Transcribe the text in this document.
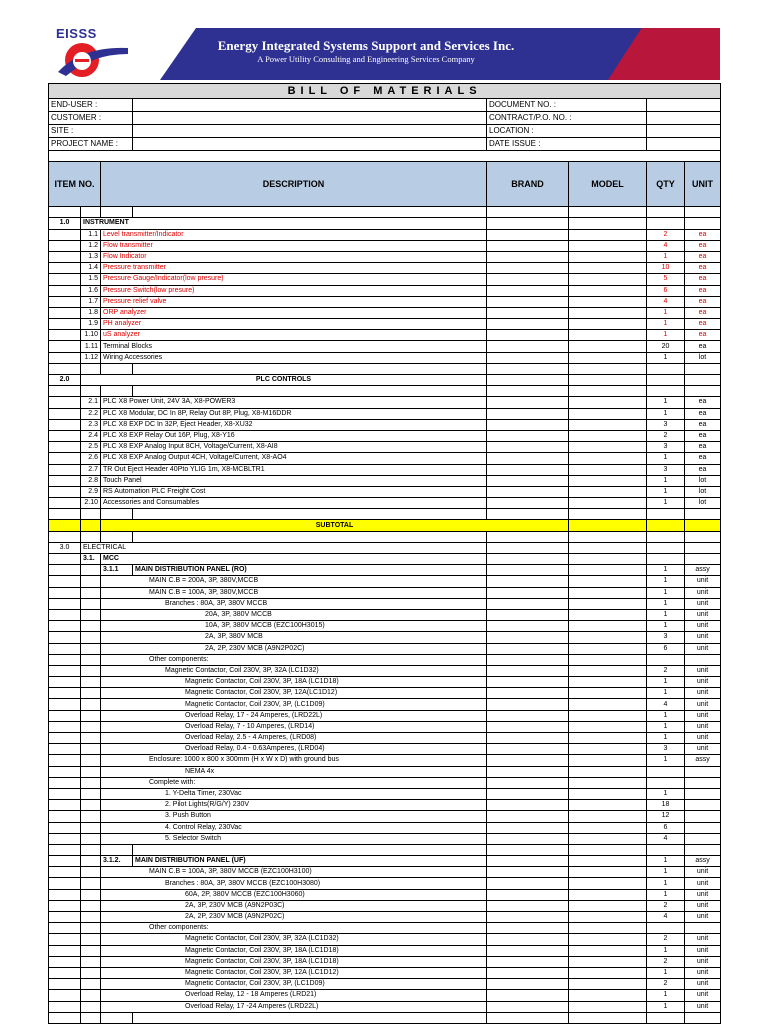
EISSS
Energy Integrated Systems Support and Services Inc.
A Power Utility Consulting and Engineering Services Company
BILL OF MATERIALS							
END-USER :				DOCUMENT NO. :			
CUSTOMER :				CONTRACT/P.O. NO. :			
SITE :				LOCATION :			
PROJECT NAME :				DATE ISSUE :			

ITEM NO.		DESCRIPTION		BRAND	MODEL	QTY	UNIT

1.0	INSTRUMENT						
	1.1	Level transmitter/Indicator				2	ea
	1.2	Flow transmitter				4	ea
	1.3	Flow Indicator				1	ea
	1.4	Pressure transmitter				10	ea
	1.5	Pressure Gauge/Indicator(low presure)				5	ea
	1.6	Pressure Switch(low presure)				6	ea
	1.7	Pressure relief valve				4	ea
	1.8	ORP analyzer				1	ea
	1.9	PH analyzer				1	ea
	1.10	uS analyzer				1	ea
	1.11	Terminal Blocks				20	ea
	1.12	Wiring Accessories				1	lot

2.0	PLC CONTROLS						

	2.1	PLC X8 Power Unit, 24V 3A, X8-POWER3				1	ea
	2.2	PLC X8 Modular, DC In 8P, Relay Out 8P, Plug, X8-M16DDR				1	ea
	2.3	PLC X8 EXP DC In 32P, Eject Header, X8-XU32				3	ea
	2.4	PLC X8 EXP Relay Out 16P, Plug, X8-Y16				2	ea
	2.5	PLC X8 EXP Analog Input 8CH, Voltage/Current, X8-AI8				3	ea
	2.6	PLC X8 EXP Analog Output 4CH, Voltage/Current, X8-AO4				1	ea
	2.7	TR Out Eject Header 40Pto YLIG 1m, X8-MCBLTR1				3	ea
	2.8	Touch Panel				1	lot
	2.9	RS Automation PLC Freight Cost				1	lot
	2.10	Accessories and Consumables				1	lot

		SUBTOTAL					

3.0	ELECTRICAL						
	3.1.	MCC					
		3.1.1	MAIN DISTRIBUTION PANEL (RO)			1	assy
		MAIN C.B = 200A, 3P, 380V,MCCB				1	unit
		MAIN C.B = 100A, 3P, 380V,MCCB				1	unit
		Branches : 80A, 3P, 380V MCCB				1	unit
		20A, 3P, 380V MCCB				1	unit
		10A, 3P, 380V MCCB (EZC100H3015)				1	unit
		2A, 3P, 380V MCB				3	unit
		2A, 2P, 230V MCB (A9N2P02C)				6	unit
		Other components:					
		Magnetic Contactor, Coil 230V, 3P, 32A (LC1D32)				2	unit
		Magnetic Contactor, Coil 230V, 3P, 18A (LC1D18)				1	unit
		Magnetic Contactor, Coil 230V, 3P, 12A(LC1D12)				1	unit
		Magnetic Contactor, Coil 230V, 3P, (LC1D09)				4	unit
		Overload Relay, 17 - 24 Amperes, (LRD22L)				1	unit
		Overload Relay, 7 - 10 Amperes, (LRD14)				1	unit
		Overload Relay, 2.5 - 4 Amperes, (LRD08)				1	unit
		Overload Relay, 0.4 - 0.63Amperes, (LRD04)				3	unit
		Enclosure: 1000 x 800 x 300mm (H x W x D) with ground bus				1	assy
		NEMA 4x					
		Complete with:					
		1. Y-Delta Timer, 230Vac				1	
		2. Pilot Lights(R/G/Y) 230V				18	
		3. Push Button				12	
		4. Control Relay, 230Vac				6	
		5. Selector Switch				4	

		3.1.2.	MAIN DISTRIBUTION PANEL (UF)			1	assy
		MAIN C.B = 100A, 3P, 380V MCCB (EZC100H3100)				1	unit
		Branches : 80A, 3P, 380V MCCB (EZC100H3080)				1	unit
		60A, 2P, 380V MCCB (EZC100H3060)				1	unit
		2A, 3P, 230V MCB (A9N2P03C)				2	unit
		2A, 2P, 230V MCB (A9N2P02C)				4	unit
		Other components:					
		Magnetic Contactor, Coil 230V, 3P, 32A (LC1D32)				2	unit
		Magnetic Contactor, Coil 230V, 3P, 18A (LC1D18)				1	unit
		Magnetic Contactor, Coil 230V, 3P, 18A (LC1D18)				2	unit
		Magnetic Contactor, Coil 230V, 3P, 12A (LC1D12)				1	unit
		Magnetic Contactor, Coil 230V, 3P, (LC1D09)				2	unit
		Overload Relay, 12 - 18 Amperes (LRD21)				1	unit
		Overload Relay, 17 -24 Amperes (LRD22L)				1	unit
